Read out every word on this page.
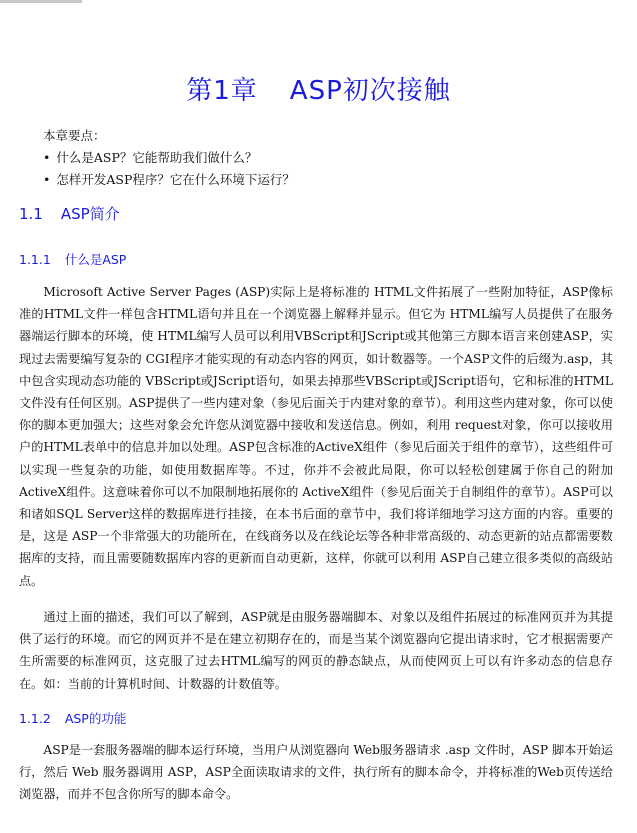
第1章 ASP初次接触
本章要点：
• 什么是ASP？它能帮助我们做什么？
• 怎样开发ASP程序？它在什么环境下运行？
1.1 ASP简介
1.1.1 什么是ASP

Microsoft Active Server Pages (ASP)实际上是将标准的 HTML文件拓展了一些附加特征，ASP像标准的HTML文件一样包含HTML语句并且在一个浏览器上解释并显示。但它为 HTML编写人员提供了在服务器端运行脚本的环境，使 HTML编写人员可以利用VBScript和JScript或其他第三方脚本语言来创建ASP，实现过去需要编写复杂的 CGI程序才能实现的有动态内容的网页，如计数器等。一个ASP文件的后缀为.asp，其中包含实现动态功能的 VBScript或JScript语句，如果去掉那些VBScript或JScript语句，它和标准的HTML文件没有任何区别。ASP提供了一些内建对象（参见后面关于内建对象的章节）。利用这些内建对象，你可以使你的脚本更加强大；这些对象会允许您从浏览器中接收和发送信息。例如，利用 request对象，你可以接收用户的HTML表单中的信息并加以处理。ASP包含标准的ActiveX组件（参见后面关于组件的章节），这些组件可以实现一些复杂的功能，如使用数据库等。不过，你并不会被此局限，你可以轻松创建属于你自己的附加ActiveX组件。这意味着你可以不加限制地拓展你的 ActiveX组件（参见后面关于自制组件的章节）。ASP可以和诸如SQL Server这样的数据库进行挂接，在本书后面的章节中，我们将详细地学习这方面的内容。重要的是，这是 ASP一个非常强大的功能所在，在线商务以及在线论坛等各种非常高级的、动态更新的站点都需要数据库的支持，而且需要随数据库内容的更新而自动更新，这样，你就可以利用 ASP自己建立很多类似的高级站点。

通过上面的描述，我们可以了解到，ASP就是由服务器端脚本、对象以及组件拓展过的标准网页并为其提供了运行的环境。而它的网页并不是在建立初期存在的，而是当某个浏览器向它提出请求时，它才根据需要产生所需要的标准网页，这克服了过去HTML编写的网页的静态缺点，从而使网页上可以有许多动态的信息存在。如：当前的计算机时间、计数器的计数值等。

1.1.2 ASP的功能

ASP是一套服务器端的脚本运行环境，当用户从浏览器向 Web服务器请求 .asp 文件时，ASP 脚本开始运行，然后 Web 服务器调用 ASP，ASP全面读取请求的文件，执行所有的脚本命令，并将标准的Web页传送给浏览器，而并不包含你所写的脚本命令。
